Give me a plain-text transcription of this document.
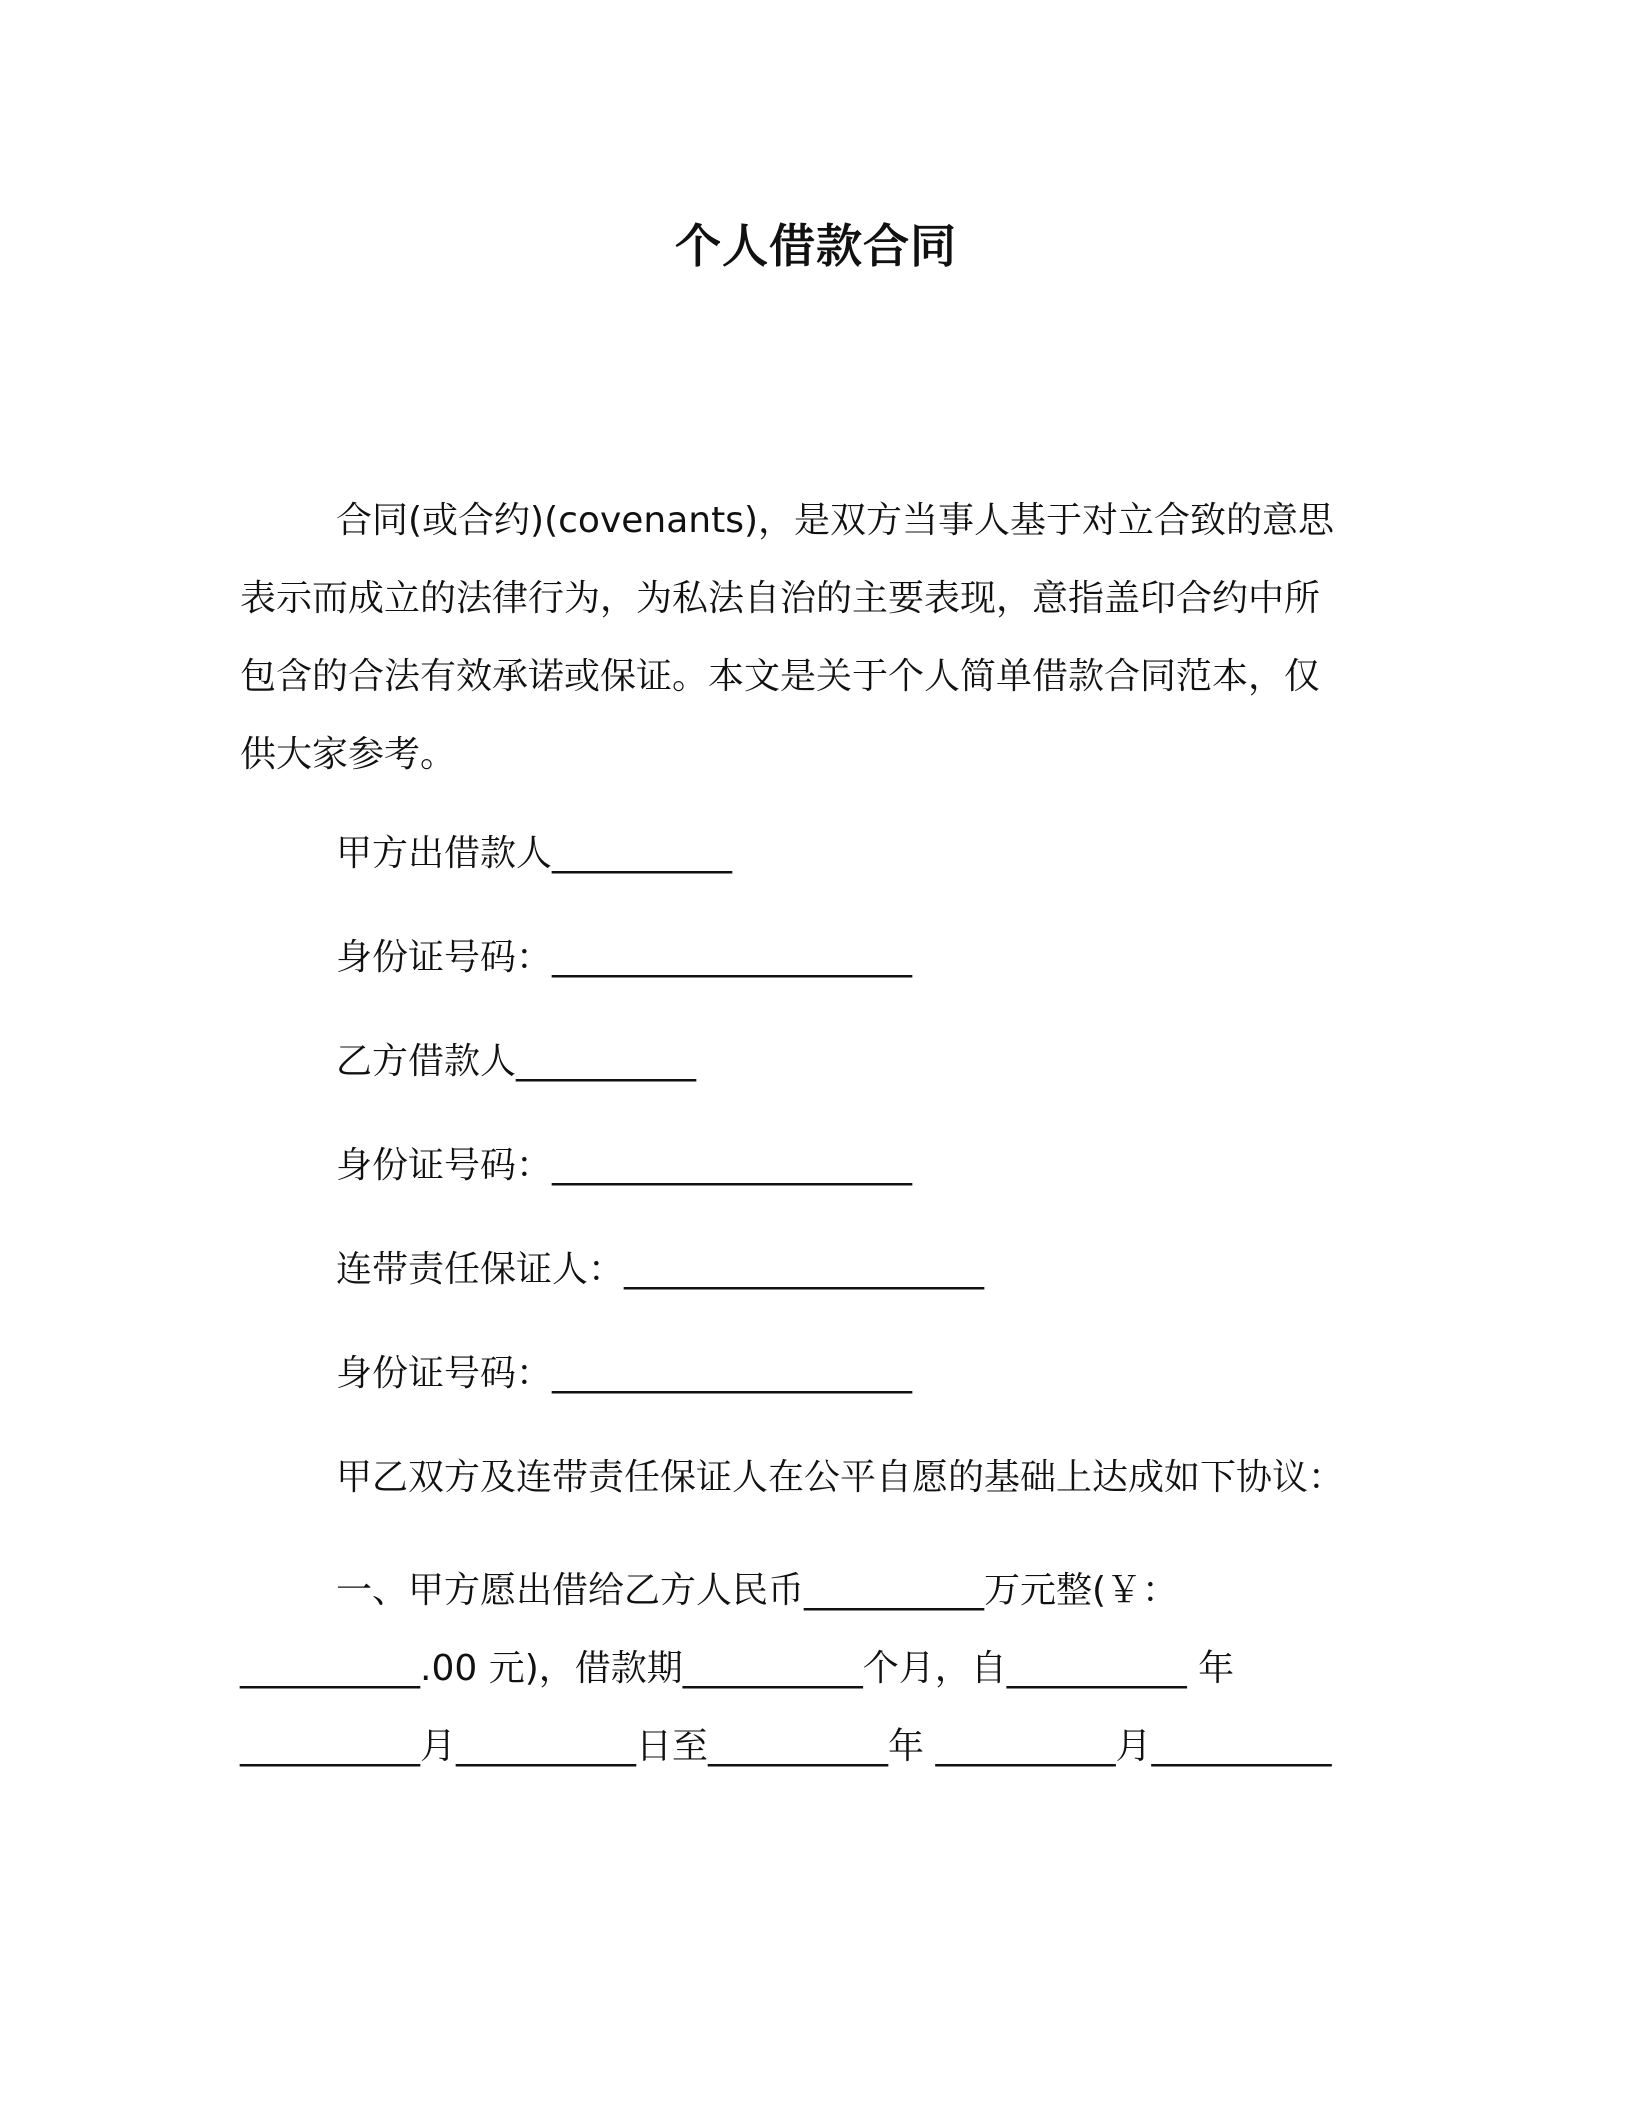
个人借款合同
合同(或合约)(covenants)，是双方当事人基于对立合致的意思
表示而成立的法律行为，为私法自治的主要表现，意指盖印合约中所
包含的合法有效承诺或保证。本文是关于个人简单借款合同范本，仅
供大家参考。
甲方出借款人__________
身份证号码：____________________
乙方借款人__________
身份证号码：____________________
连带责任保证人：____________________
身份证号码：____________________
甲乙双方及连带责任保证人在公平自愿的基础上达成如下协议：
一、甲方愿出借给乙方人民币__________万元整(￥：
__________.00 元)，借款期__________个月，自__________ 年
__________月__________日至__________年 __________月__________
